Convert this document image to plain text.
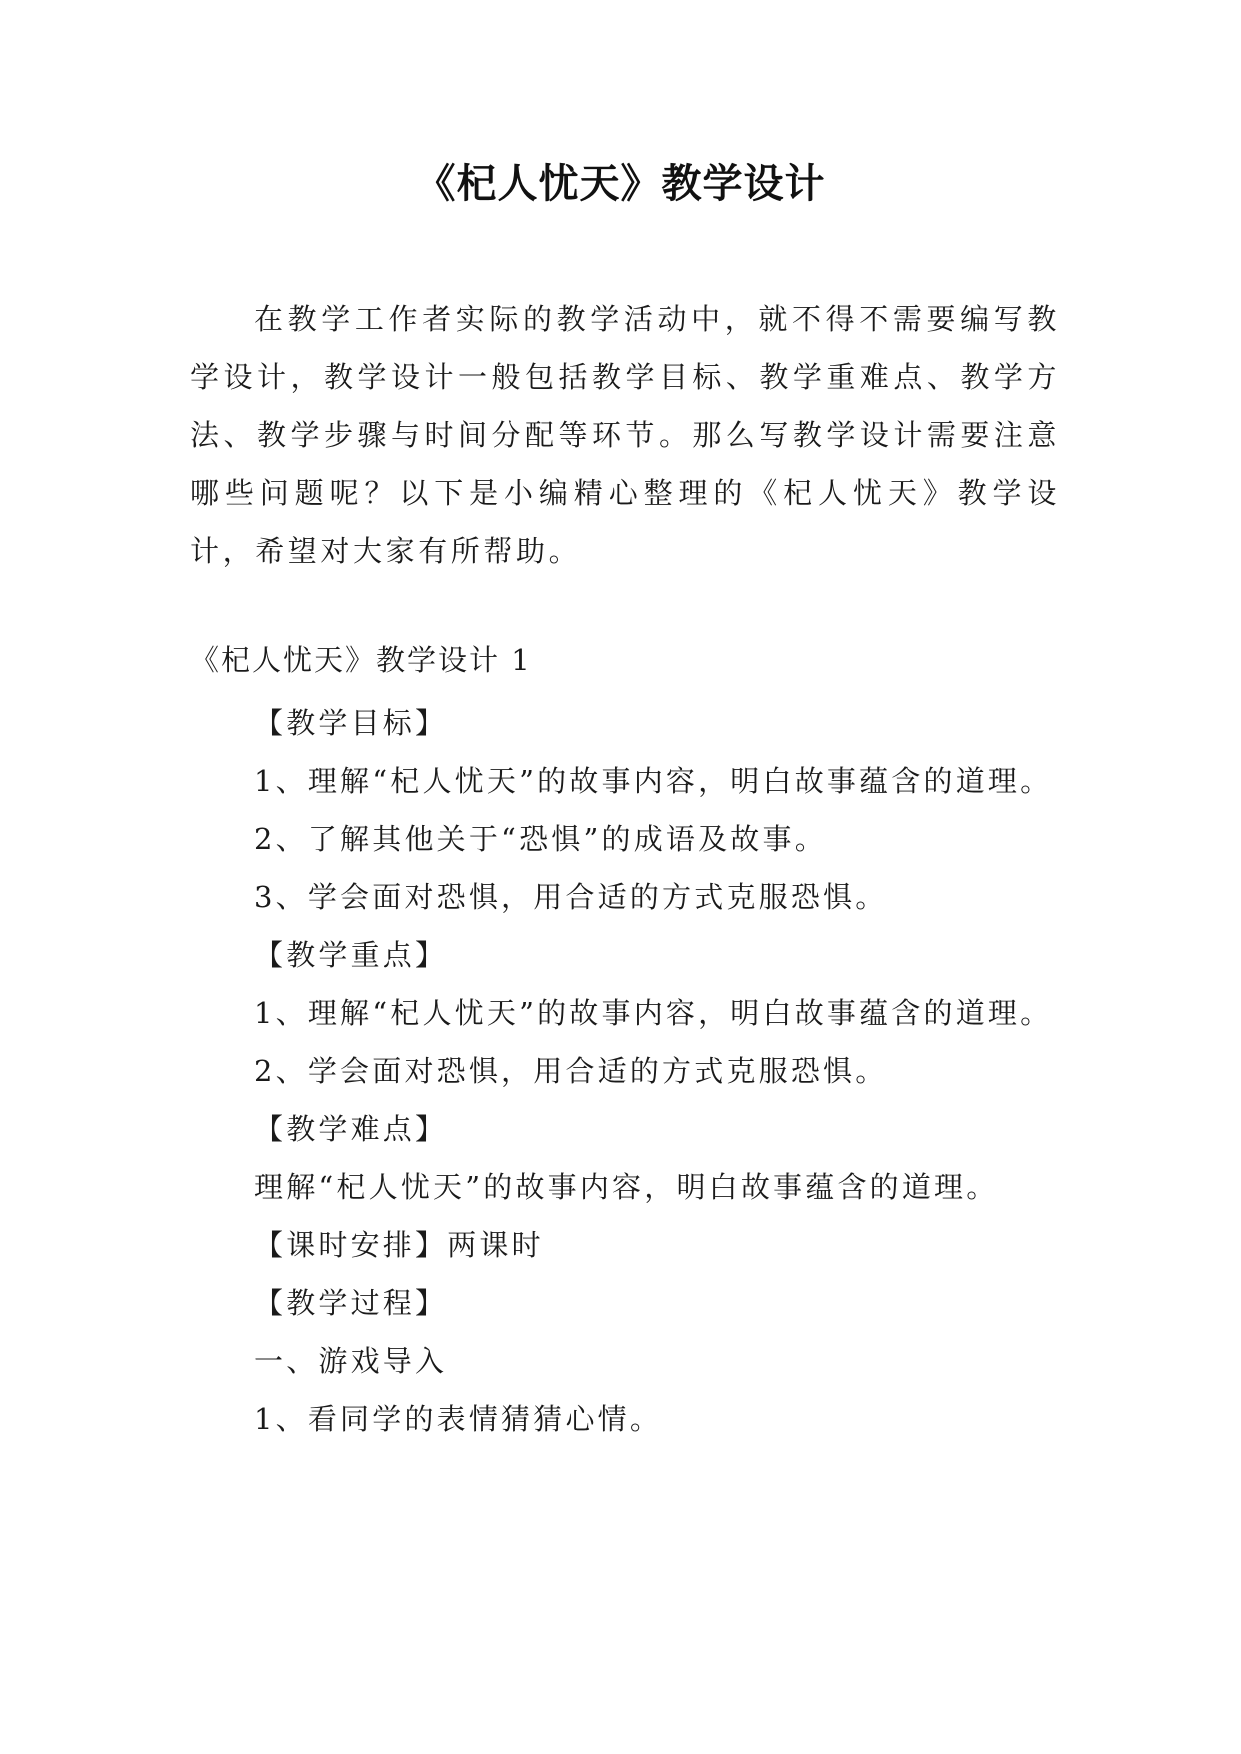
《杞人忧天》教学设计

在教学工作者实际的教学活动中，就不得不需要编写教学设计，教学设计一般包括教学目标、教学重难点、教学方法、教学步骤与时间分配等环节。那么写教学设计需要注意哪些问题呢？以下是小编精心整理的《杞人忧天》教学设计，希望对大家有所帮助。

《杞人忧天》教学设计 1

【教学目标】

1、理解“杞人忧天”的故事内容，明白故事蕴含的道理。

2、了解其他关于“恐惧”的成语及故事。

3、学会面对恐惧，用合适的方式克服恐惧。

【教学重点】

1、理解“杞人忧天”的故事内容，明白故事蕴含的道理。

2、学会面对恐惧，用合适的方式克服恐惧。

【教学难点】

理解“杞人忧天”的故事内容，明白故事蕴含的道理。

【课时安排】两课时

【教学过程】

一、游戏导入

1、看同学的表情猜猜心情。
